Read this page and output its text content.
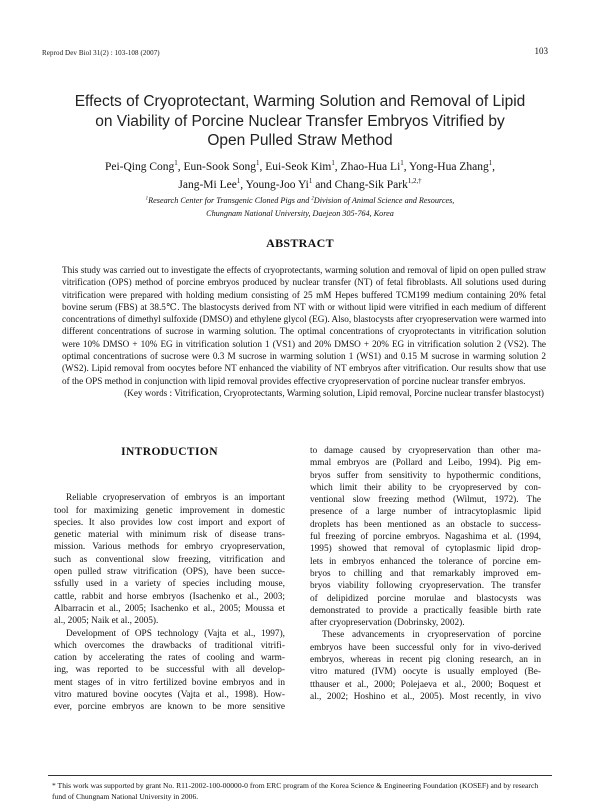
Reprod Dev Biol 31(2) : 103-108 (2007)	103
Effects of Cryoprotectant, Warming Solution and Removal of Lipid
on Viability of Porcine Nuclear Transfer Embryos Vitrified by
Open Pulled Straw Method
Pei-Qing Cong$^1$, Eun-Sook Song$^1$, Eui-Seok Kim$^1$, Zhao-Hua Li$^1$, Yong-Hua Zhang$^1$,
Jang-Mi Lee$^1$, Young-Joo Yi$^1$ and Chang-Sik Park$^{1,2,\dagger}$
$^1$Research Center for Transgenic Cloned Pigs and $^2$Division of Animal Science and Resources,
Chungnam National University, Daejeon 305-764, Korea
ABSTRACT

This study was carried out to investigate the effects of cryoprotectants, warming solution and removal of lipid on open pulled straw vitrification (OPS) method of porcine embryos produced by nuclear transfer (NT) of fetal fibroblasts. All solutions used during vitrification were prepared with holding medium consisting of 25 mM Hepes buffered TCM199 medium containing 20% fetal bovine serum (FBS) at 38.5℃. The blastocysts derived from NT with or without lipid were vitrified in each medium of different concentrations of dimethyl sulfoxide (DMSO) and ethylene glycol (EG). Also, blastocysts after cryopreservation were warmed into different concentrations of sucrose in warming solution. The optimal concentrations of cryoprotectants in vitrification solution were 10% DMSO + 10% EG in vitrification solution 1 (VS1) and 20% DMSO + 20% EG in vitrification solution 2 (VS2). The optimal concentrations of sucrose were 0.3 M sucrose in warming solution 1 (WS1) and 0.15 M sucrose in warming solution 2 (WS2). Lipid removal from oocytes before NT enhanced the viability of NT embryos after vitrification. Our results show that use of the OPS method in conjunction with lipid removal provides effective cryopreservation of porcine nuclear transfer embryos.

(Key words : Vitrification, Cryoprotectants, Warming solution, Lipid removal, Porcine nuclear transfer blastocyst)

INTRODUCTION
Reliable cryopreservation of embryos is an important
tool for maximizing genetic improvement in domestic
species. It also provides low cost import and export of
genetic material with minimum risk of disease trans-
mission. Various methods for embryo cryopreservation,
such as conventional slow freezing, vitrification and
open pulled straw vitrification (OPS), have been succe-
ssfully used in a variety of species including mouse,
cattle, rabbit and horse embryos (Isachenko et al., 2003;
Albarracin et al., 2005; Isachenko et al., 2005; Moussa et
al., 2005; Naik et al., 2005).
Development of OPS technology (Vajta et al., 1997),
which overcomes the drawbacks of traditional vitrifi-
cation by accelerating the rates of cooling and warm-
ing, was reported to be successful with all develop-
ment stages of in vitro fertilized bovine embryos and in
vitro matured bovine oocytes (Vajta et al., 1998). How-
ever, porcine embryos are known to be more sensitive
to damage caused by cryopreservation than other ma-
mmal embryos are (Pollard and Leibo, 1994). Pig em-
bryos suffer from sensitivity to hypothermic conditions,
which limit their ability to be cryopreserved by con-
ventional slow freezing method (Wilmut, 1972). The
presence of a large number of intracytoplasmic lipid
droplets has been mentioned as an obstacle to success-
ful freezing of porcine embryos. Nagashima et al. (1994,
1995) showed that removal of cytoplasmic lipid drop-
lets in embryos enhanced the tolerance of porcine em-
bryos to chilling and that remarkably improved em-
bryos viability following cryopreservation. The transfer
of delipidized porcine morulae and blastocysts was
demonstrated to provide a practically feasible birth rate
after cryopreservation (Dobrinsky, 2002).
These advancements in cryopreservation of porcine
embryos have been successful only for in vivo-derived
embryos, whereas in recent pig cloning research, an in
vitro matured (IVM) oocyte is usually employed (Be-
tthauser et al., 2000; Polejaeva et al., 2000; Boquest et
al., 2002; Hoshino et al., 2005). Most recently, in vivo
* This work was supported by grant No. R11-2002-100-00000-0 from ERC program of the Korea Science & Engineering Foundation (KOSEF) and by research fund of Chungnam National University in 2006.
